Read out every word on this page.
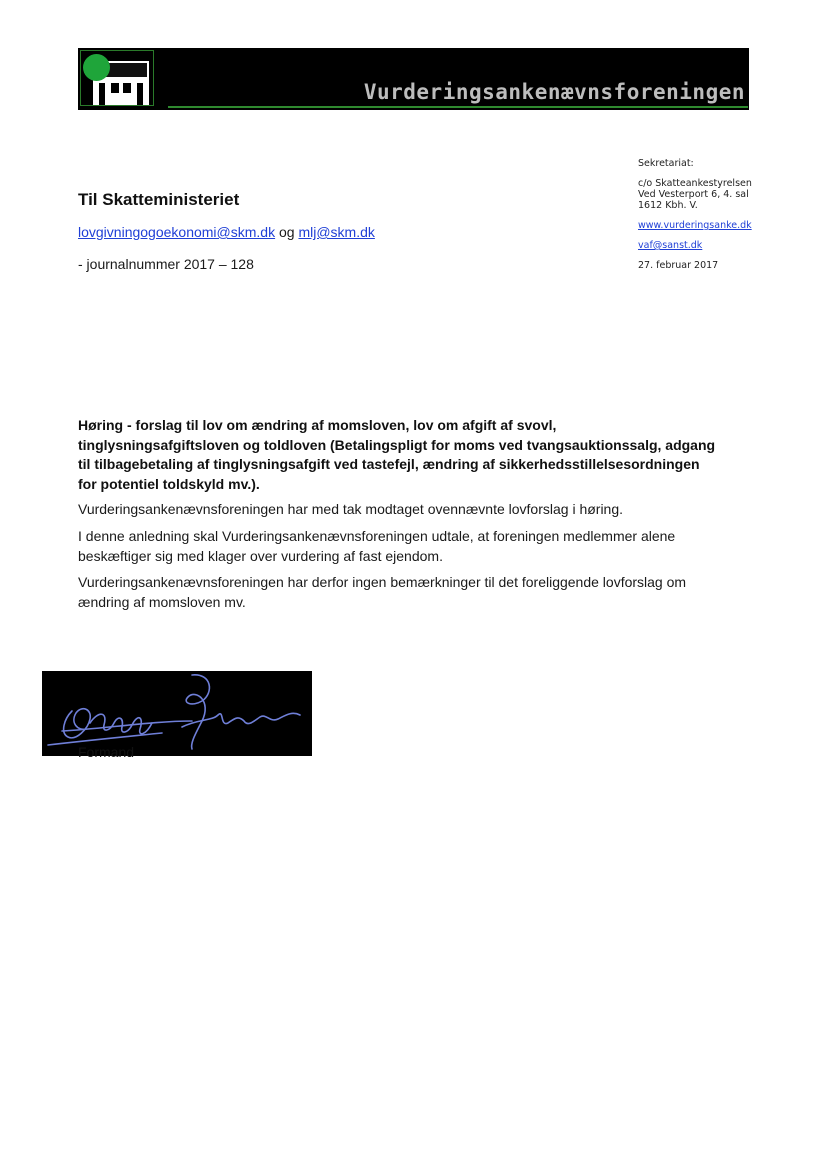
Vurderingsankenævnsforeningen
Sekretariat:
c/o Skatteankestyrelsen
Ved Vesterport 6, 4. sal
1612 Kbh. V.
www.vurderingsanke.dk
vaf@sanst.dk
27. februar 2017
Til Skatteministeriet
lovgivningogoekonomi@skm.dk og mlj@skm.dk
- journalnummer 2017 – 128
Høring - forslag til lov om ændring af momsloven, lov om afgift af svovl, tinglysningsafgiftsloven og toldloven (Betalingspligt for moms ved tvangsauktionssalg, adgang til tilbagebetaling af tinglysningsafgift ved tastefejl, ændring af sikkerhedsstillelsesordningen for potentiel toldskyld mv.).
Vurderingsankenævnsforeningen har med tak modtaget ovennævnte lovforslag i høring.
I denne anledning skal Vurderingsankenævnsforeningen udtale, at foreningen medlemmer alene beskæftiger sig med klager over vurdering af fast ejendom.
Vurderingsankenævnsforeningen har derfor ingen bemærkninger til det foreliggende lovforslag om ændring af momsloven mv.
Formand
